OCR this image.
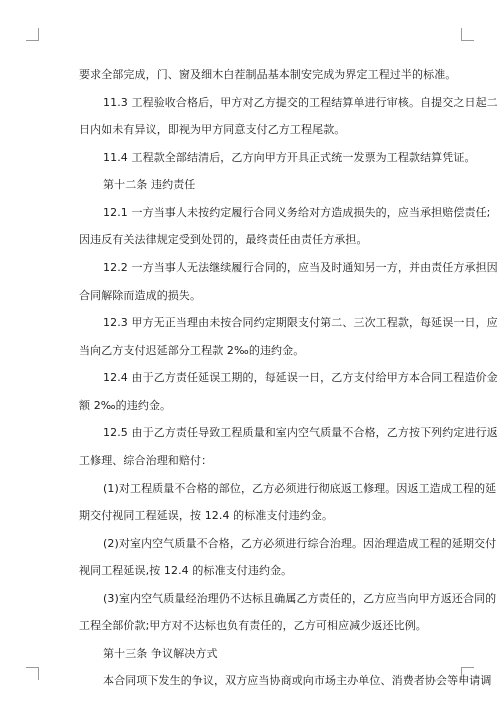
要求全部完成，门、窗及细木白茬制品基本制安完成为界定工程过半的标准。
11.3 工程验收合格后，甲方对乙方提交的工程结算单进行审核。自提交之日起二
日内如未有异议，即视为甲方同意支付乙方工程尾款。
11.4 工程款全部结清后，乙方向甲方开具正式统一发票为工程款结算凭证。
第十二条 违约责任
12.1 一方当事人未按约定履行合同义务给对方造成损失的，应当承担赔偿责任;
因违反有关法律规定受到处罚的，最终责任由责任方承担。
12.2 一方当事人无法继续履行合同的，应当及时通知另一方，并由责任方承担因
合同解除而造成的损失。
12.3 甲方无正当理由未按合同约定期限支付第二、三次工程款，每延误一日，应
当向乙方支付迟延部分工程款 2‰的违约金。
12.4 由于乙方责任延误工期的，每延误一日，乙方支付给甲方本合同工程造价金
额 2‰的违约金。
12.5 由于乙方责任导致工程质量和室内空气质量不合格，乙方按下列约定进行返
工修理、综合治理和赔付：
(1)对工程质量不合格的部位，乙方必须进行彻底返工修理。因返工造成工程的延
期交付视同工程延误，按 12.4 的标准支付违约金。
(2)对室内空气质量不合格，乙方必须进行综合治理。因治理造成工程的延期交付
视同工程延误,按 12.4 的标准支付违约金。
(3)室内空气质量经治理仍不达标且确属乙方责任的，乙方应当向甲方返还合同的
工程全部价款;甲方对不达标也负有责任的，乙方可相应减少返还比例。
第十三条 争议解决方式
本合同项下发生的争议，双方应当协商或向市场主办单位、消费者协会等申请调
